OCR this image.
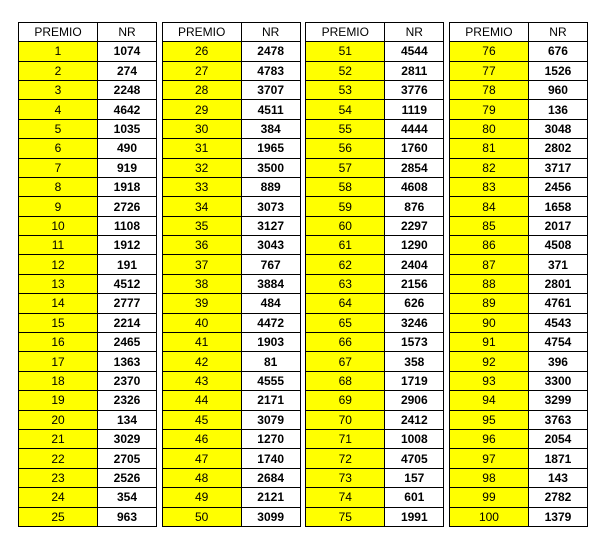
PREMIO	NR
1	1074
2	274
3	2248
4	4642
5	1035
6	490
7	919
8	1918
9	2726
10	1108
11	1912
12	191
13	4512
14	2777
15	2214
16	2465
17	1363
18	2370
19	2326
20	134
21	3029
22	2705
23	2526
24	354
25	963
PREMIO	NR
26	2478
27	4783
28	3707
29	4511
30	384
31	1965
32	3500
33	889
34	3073
35	3127
36	3043
37	767
38	3884
39	484
40	4472
41	1903
42	81
43	4555
44	2171
45	3079
46	1270
47	1740
48	2684
49	2121
50	3099
PREMIO	NR
51	4544
52	2811
53	3776
54	1119
55	4444
56	1760
57	2854
58	4608
59	876
60	2297
61	1290
62	2404
63	2156
64	626
65	3246
66	1573
67	358
68	1719
69	2906
70	2412
71	1008
72	4705
73	157
74	601
75	1991
PREMIO	NR
76	676
77	1526
78	960
79	136
80	3048
81	2802
82	3717
83	2456
84	1658
85	2017
86	4508
87	371
88	2801
89	4761
90	4543
91	4754
92	396
93	3300
94	3299
95	3763
96	2054
97	1871
98	143
99	2782
100	1379
